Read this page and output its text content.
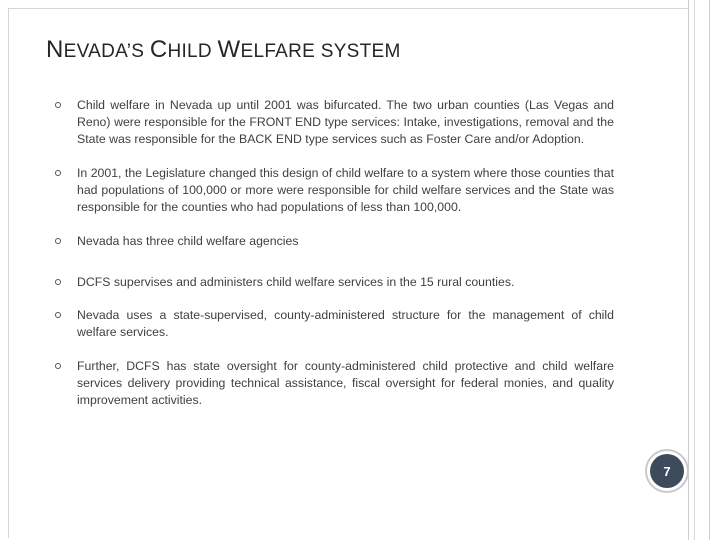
NEVADA’S CHILD WELFARE SYSTEM

Child welfare in Nevada up until 2001 was bifurcated. The two urban counties (Las Vegas and Reno) were responsible for the FRONT END type services: Intake, investigations, removal and the State was responsible for the BACK END type services such as Foster Care and/or Adoption.

In 2001, the Legislature changed this design of child welfare to a system where those counties that had populations of 100,000 or more were responsible for child welfare services and the State was responsible for the counties who had populations of less than 100,000.

Nevada has three child welfare agencies

DCFS supervises and administers child welfare services in the 15 rural counties.

Nevada uses a state-supervised, county-administered structure for the management of child welfare services.

Further, DCFS has state oversight for county-administered child protective and child welfare services delivery providing technical assistance, fiscal oversight for federal monies, and quality improvement activities.

7
